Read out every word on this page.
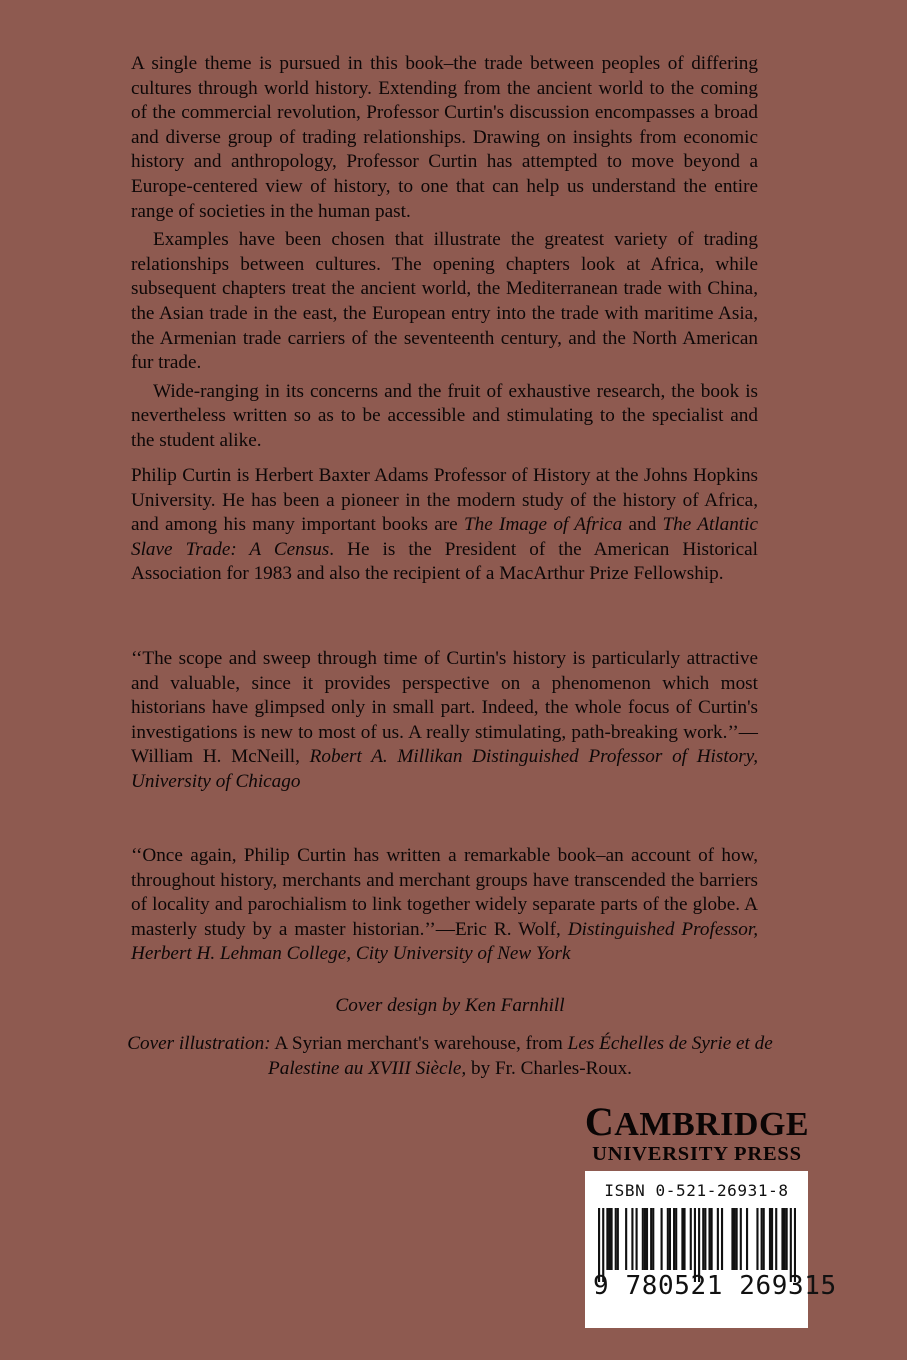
A single theme is pursued in this book–the trade between peoples of differing cultures through world history. Extending from the ancient world to the coming of the commercial revolution, Professor Curtin's discussion encompasses a broad and diverse group of trading relationships. Drawing on insights from economic history and anthropology, Professor Curtin has attempted to move beyond a Europe-centered view of history, to one that can help us understand the entire range of societies in the human past.

Examples have been chosen that illustrate the greatest variety of trading relationships between cultures. The opening chapters look at Africa, while subsequent chapters treat the ancient world, the Mediterranean trade with China, the Asian trade in the east, the European entry into the trade with maritime Asia, the Armenian trade carriers of the seventeenth century, and the North American fur trade.

Wide-ranging in its concerns and the fruit of exhaustive research, the book is nevertheless written so as to be accessible and stimulating to the specialist and the student alike.

Philip Curtin is Herbert Baxter Adams Professor of History at the Johns Hopkins University. He has been a pioneer in the modern study of the history of Africa, and among his many important books are The Image of Africa and The Atlantic Slave Trade: A Census. He is the President of the American Historical Association for 1983 and also the recipient of a MacArthur Prize Fellowship.

‘‘The scope and sweep through time of Curtin's history is particularly attractive and valuable, since it provides perspective on a phenomenon which most historians have glimpsed only in small part. Indeed, the whole focus of Curtin's investigations is new to most of us. A really stimulating, path-breaking work.’’—William H. McNeill, Robert A. Millikan Distinguished Professor of History, University of Chicago

‘‘Once again, Philip Curtin has written a remarkable book–an account of how, throughout history, merchants and merchant groups have transcended the barriers of locality and parochialism to link together widely separate parts of the globe. A masterly study by a master historian.’’—Eric R. Wolf, Distinguished Professor, Herbert H. Lehman College, City University of New York

Cover design by Ken Farnhill
Cover illustration: A Syrian merchant's warehouse, from Les Échelles de Syrie et de Palestine au XVIII Siècle, by Fr. Charles-Roux.
CAMBRIDGE
UNIVERSITY PRESS
ISBN 0-521-26931-8
9 780521 269315
